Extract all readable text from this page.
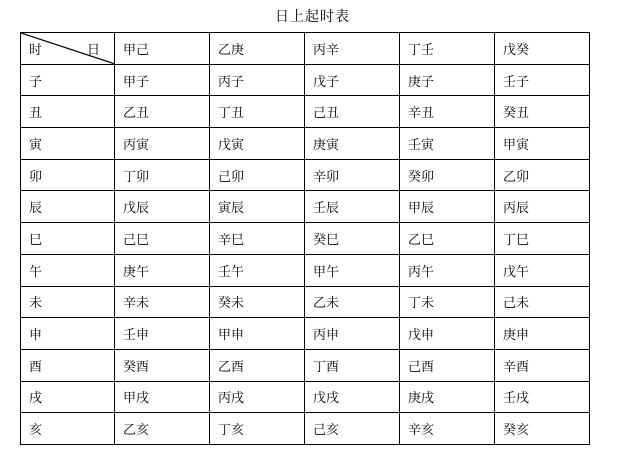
日上起时表
时 日	甲己	乙庚	丙辛	丁壬	戊癸
子	甲子	丙子	戊子	庚子	壬子
丑	乙丑	丁丑	己丑	辛丑	癸丑
寅	丙寅	戊寅	庚寅	壬寅	甲寅
卯	丁卯	己卯	辛卯	癸卯	乙卯
辰	戊辰	寅辰	壬辰	甲辰	丙辰
巳	己巳	辛巳	癸巳	乙巳	丁巳
午	庚午	壬午	甲午	丙午	戊午
未	辛未	癸未	乙未	丁未	己未
申	壬申	甲申	丙申	戊申	庚申
酉	癸酉	乙酉	丁酉	己酉	辛酉
戌	甲戌	丙戌	戊戌	庚戌	壬戌
亥	乙亥	丁亥	己亥	辛亥	癸亥
